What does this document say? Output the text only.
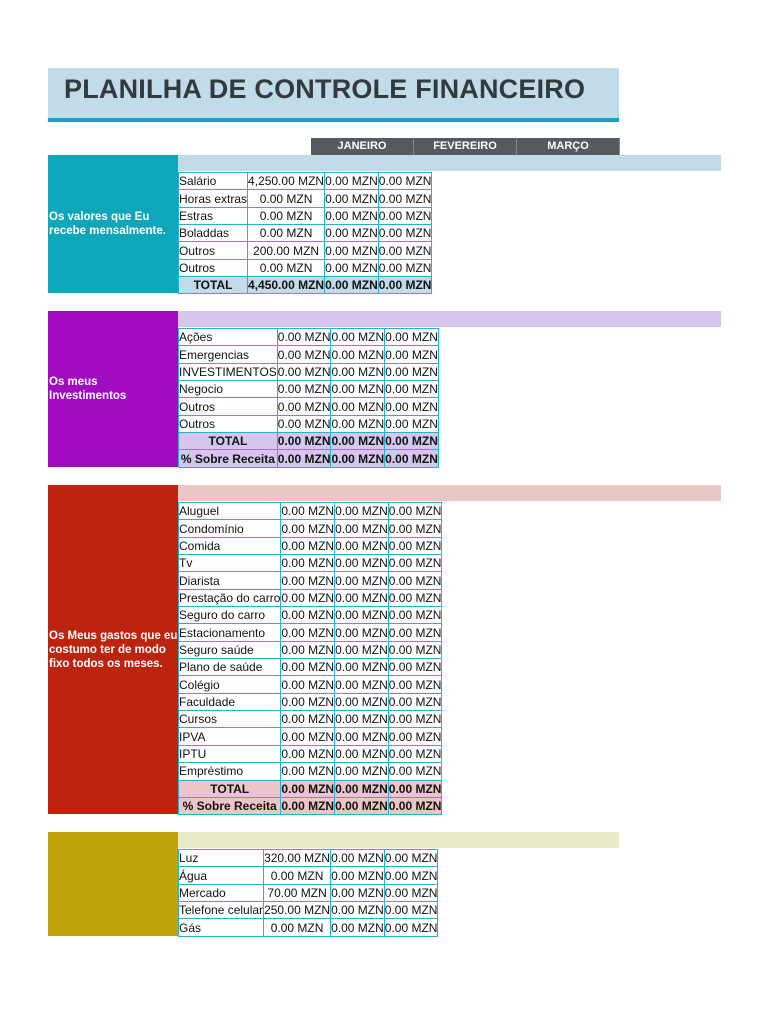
PLANILHA DE CONTROLE FINANCEIRO
JANEIRO	FEVEREIRO	MARÇO
Os valores que Eu recebe mensalmente.
Salário	4,250.00 MZN	0.00 MZN	0.00 MZN
Horas extras	0.00 MZN	0.00 MZN	0.00 MZN
Estras	0.00 MZN	0.00 MZN	0.00 MZN
Boladdas	0.00 MZN	0.00 MZN	0.00 MZN
Outros	200.00 MZN	0.00 MZN	0.00 MZN
Outros	0.00 MZN	0.00 MZN	0.00 MZN
TOTAL	4,450.00 MZN	0.00 MZN	0.00 MZN
Os meus Investimentos
Ações	0.00 MZN	0.00 MZN	0.00 MZN
Emergencias	0.00 MZN	0.00 MZN	0.00 MZN
INVESTIMENTOS	0.00 MZN	0.00 MZN	0.00 MZN
Negocio	0.00 MZN	0.00 MZN	0.00 MZN
Outros	0.00 MZN	0.00 MZN	0.00 MZN
Outros	0.00 MZN	0.00 MZN	0.00 MZN
TOTAL	0.00 MZN	0.00 MZN	0.00 MZN
% Sobre Receita	0.00 MZN	0.00 MZN	0.00 MZN
Os Meus gastos que eu costumo ter de modo fixo todos os meses.
Aluguel	0.00 MZN	0.00 MZN	0.00 MZN
Condomínio	0.00 MZN	0.00 MZN	0.00 MZN
Comida	0.00 MZN	0.00 MZN	0.00 MZN
Tv	0.00 MZN	0.00 MZN	0.00 MZN
Diarista	0.00 MZN	0.00 MZN	0.00 MZN
Prestação do carro	0.00 MZN	0.00 MZN	0.00 MZN
Seguro do carro	0.00 MZN	0.00 MZN	0.00 MZN
Estacionamento	0.00 MZN	0.00 MZN	0.00 MZN
Seguro saúde	0.00 MZN	0.00 MZN	0.00 MZN
Plano de saúde	0.00 MZN	0.00 MZN	0.00 MZN
Colégio	0.00 MZN	0.00 MZN	0.00 MZN
Faculdade	0.00 MZN	0.00 MZN	0.00 MZN
Cursos	0.00 MZN	0.00 MZN	0.00 MZN
IPVA	0.00 MZN	0.00 MZN	0.00 MZN
IPTU	0.00 MZN	0.00 MZN	0.00 MZN
Empréstimo	0.00 MZN	0.00 MZN	0.00 MZN
TOTAL	0.00 MZN	0.00 MZN	0.00 MZN
% Sobre Receita	0.00 MZN	0.00 MZN	0.00 MZN
Luz	320.00 MZN	0.00 MZN	0.00 MZN
Água	0.00 MZN	0.00 MZN	0.00 MZN
Mercado	70.00 MZN	0.00 MZN	0.00 MZN
Telefone celular	250.00 MZN	0.00 MZN	0.00 MZN
Gás	0.00 MZN	0.00 MZN	0.00 MZN
